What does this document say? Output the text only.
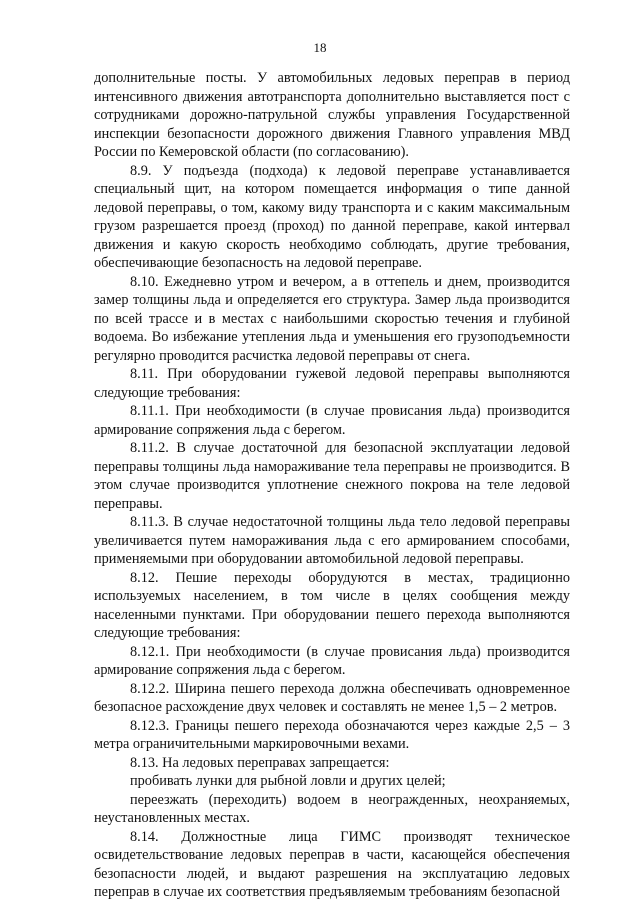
18

дополнительные посты. У автомобильных ледовых переправ в период интенсивного движения автотранспорта дополнительно выставляется пост с сотрудниками дорожно-патрульной службы управления Государственной инспекции безопасности дорожного движения Главного управления МВД России по Кемеровской области (по согласованию).

8.9. У подъезда (подхода) к ледовой переправе устанавливается специальный щит, на котором помещается информация о типе данной ледовой переправы, о том, какому виду транспорта и с каким максимальным грузом разрешается проезд (проход) по данной переправе, какой интервал движения и какую скорость необходимо соблюдать, другие требования, обеспечивающие безопасность на ледовой переправе.

8.10. Ежедневно утром и вечером, а в оттепель и днем, производится замер толщины льда и определяется его структура. Замер льда производится по всей трассе и в местах с наибольшими скоростью течения и глубиной водоема. Во избежание утепления льда и уменьшения его грузоподъемности регулярно проводится расчистка ледовой переправы от снега.

8.11. При оборудовании гужевой ледовой переправы выполняются следующие требования:

8.11.1. При необходимости (в случае провисания льда) производится армирование сопряжения льда с берегом.

8.11.2. В случае достаточной для безопасной эксплуатации ледовой переправы толщины льда намораживание тела переправы не производится. В этом случае производится уплотнение снежного покрова на теле ледовой переправы.

8.11.3. В случае недостаточной толщины льда тело ледовой переправы увеличивается путем намораживания льда с его армированием способами, применяемыми при оборудовании автомобильной ледовой переправы.

8.12. Пешие переходы оборудуются в местах, традиционно используемых населением, в том числе в целях сообщения между населенными пунктами. При оборудовании пешего перехода выполняются следующие требования:

8.12.1. При необходимости (в случае провисания льда) производится армирование сопряжения льда с берегом.

8.12.2. Ширина пешего перехода должна обеспечивать одновременное безопасное расхождение двух человек и составлять не менее 1,5 – 2 метров.

8.12.3. Границы пешего перехода обозначаются через каждые 2,5 – 3 метра ограничительными маркировочными вехами.

8.13. На ледовых переправах запрещается:

пробивать лунки для рыбной ловли и других целей;

переезжать (переходить) водоем в неогражденных, неохраняемых, неустановленных местах.

8.14. Должностные лица ГИМС производят техническое освидетельствование ледовых переправ в части, касающейся обеспечения безопасности людей, и выдают разрешения на эксплуатацию ледовых переправ в случае их соответствия предъявляемым требованиям безопасной
